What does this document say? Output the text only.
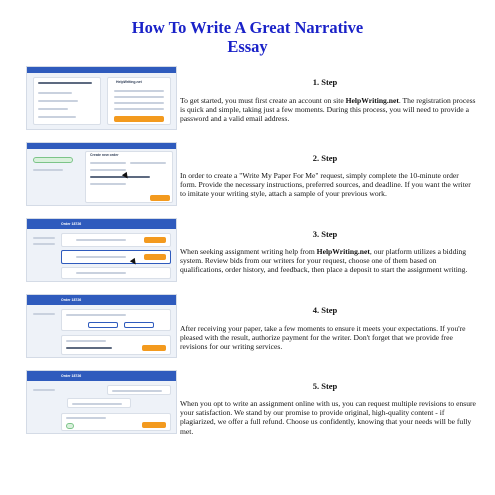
How To Write A Great Narrative
Essay
HelpWriting.net	1. Step
To get started, you must first create an account on site HelpWriting.net. The registration process is quick and simple, taking just a few moments. During this process, you will need to provide a password and a valid email address.
Create new order	2. Step
In order to create a "Write My Paper For Me" request, simply complete the 10-minute order form. Provide the necessary instructions, preferred sources, and deadline. If you want the writer to imitate your writing style, attach a sample of your previous work.
Order 18726
3. Step
When seeking assignment writing help from HelpWriting.net, our platform utilizes a bidding system. Review bids from our writers for your request, choose one of them based on qualifications, order history, and feedback, then place a deposit to start the assignment writing.
Order 18726
4. Step
After receiving your paper, take a few moments to ensure it meets your expectations. If you're pleased with the result, authorize payment for the writer. Don't forget that we provide free revisions for our writing services.
Order 18726
5. Step
When you opt to write an assignment online with us, you can request multiple revisions to ensure your satisfaction. We stand by our promise to provide original, high-quality content - if plagiarized, we offer a full refund. Choose us confidently, knowing that your needs will be fully met.
